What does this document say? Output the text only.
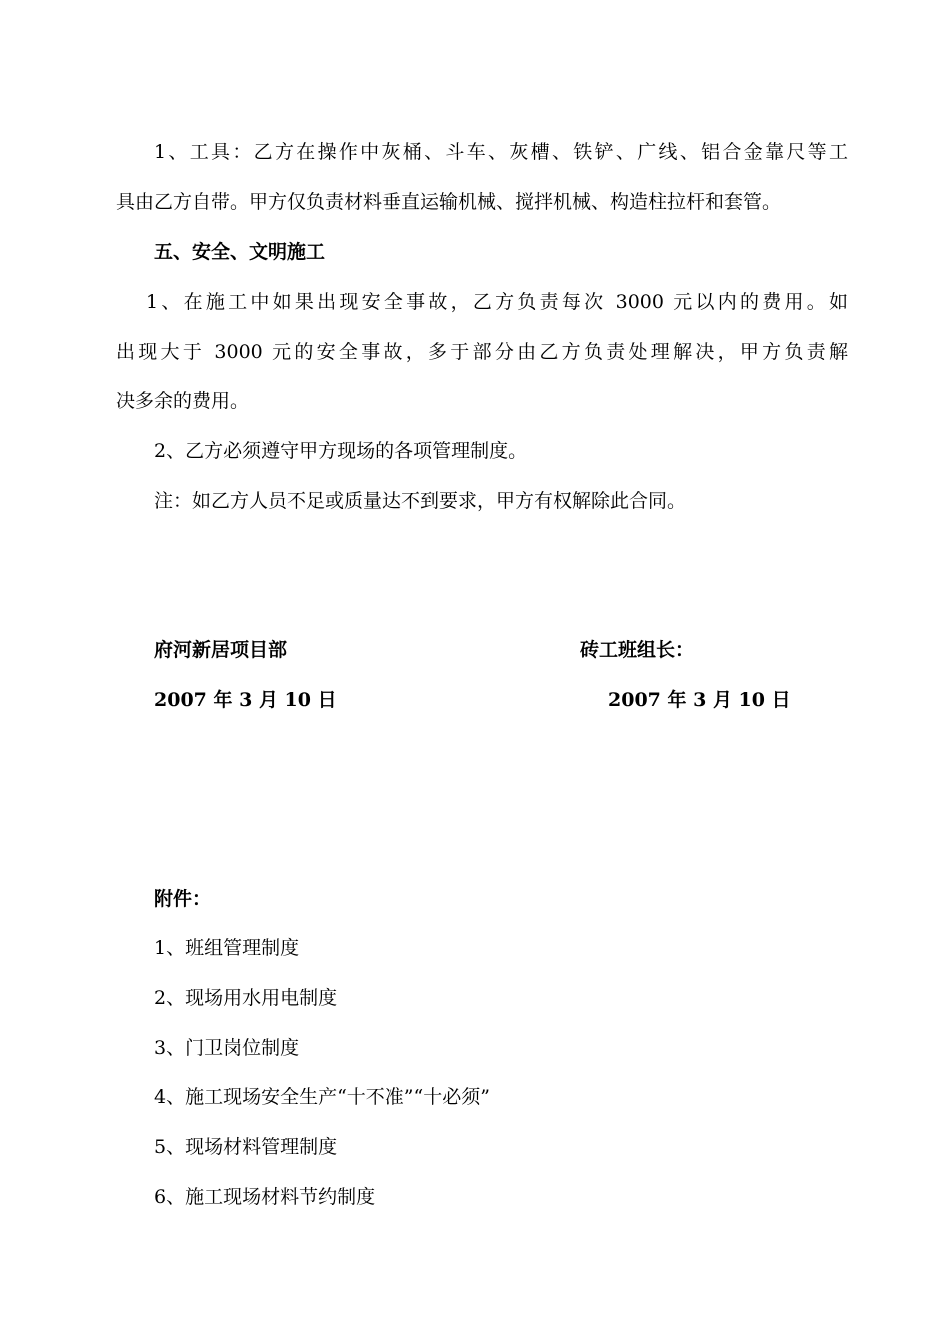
1、工具：乙方在操作中灰桶、斗车、灰槽、铁铲、广线、铝合金靠尺等工
具由乙方自带。甲方仅负责材料垂直运输机械、搅拌机械、构造柱拉杆和套管。
五、安全、文明施工
1、在施工中如果出现安全事故，乙方负责每次 3000 元以内的费用。如
出现大于 3000 元的安全事故，多于部分由乙方负责处理解决，甲方负责解
决多余的费用。
2、乙方必须遵守甲方现场的各项管理制度。
注：如乙方人员不足或质量达不到要求，甲方有权解除此合同。
府河新居项目部	砖工班组长：
2007 年 3 月 10 日	2007 年 3 月 10 日
附件：
1、班组管理制度
2、现场用水用电制度
3、门卫岗位制度
4、施工现场安全生产“十不准”“十必须”
5、现场材料管理制度
6、施工现场材料节约制度
